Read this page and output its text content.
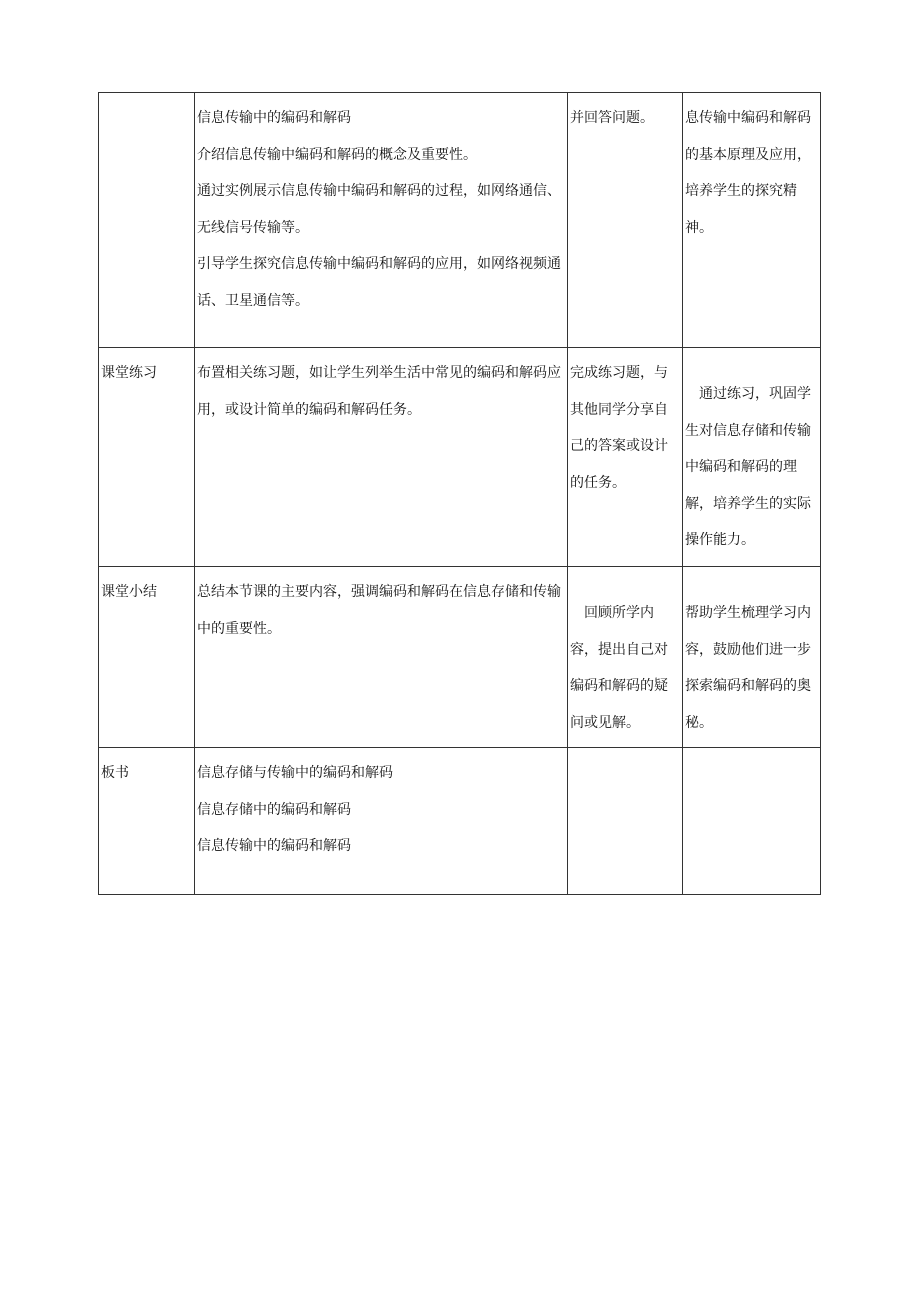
	信息传输中的编码和解码

介绍信息传输中编码和解码的概念及重要性。

通过实例展示信息传输中编码和解码的过程，如网络通信、无线信号传输等。

引导学生探究信息传输中编码和解码的应用，如网络视频通话、卫星通信等。	并回答问题。	息传输中编码和解码的基本原理及应用，培养学生的探究精神。

课堂练习	布置相关练习题，如让学生列举生活中常见的编码和解码应用，或设计简单的编码和解码任务。	完成练习题，与其他同学分享自己的答案或设计的任务。	通过练习，巩固学生对信息存储和传输中编码和解码的理解，培养学生的实际操作能力。

课堂小结	总结本节课的主要内容，强调编码和解码在信息存储和传输中的重要性。	回顾所学内容，提出自己对编码和解码的疑问或见解。	帮助学生梳理学习内容，鼓励他们进一步探索编码和解码的奥秘。

板书	信息存储与传输中的编码和解码

信息存储中的编码和解码

信息传输中的编码和解码		
